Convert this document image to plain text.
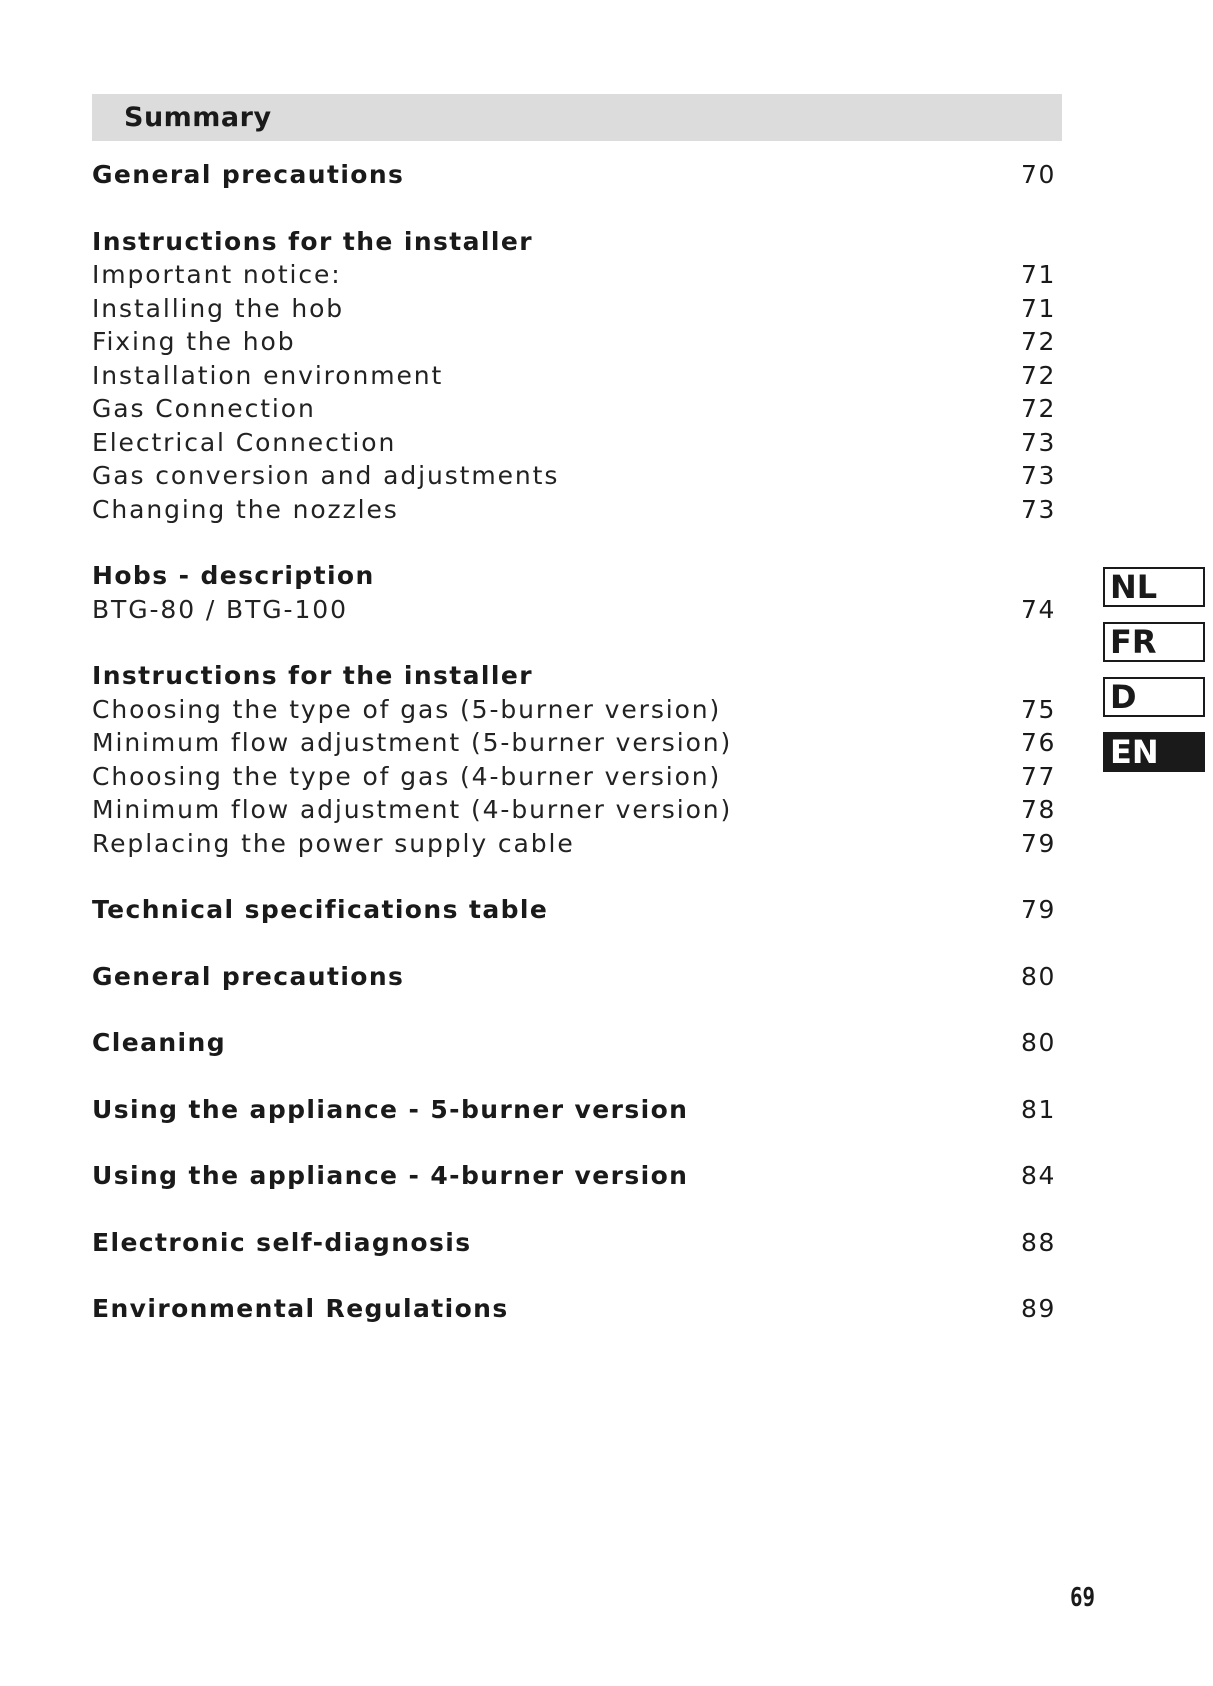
Summary
General precautions	70
Instructions for the installer
Important notice:	71
Installing the hob	71
Fixing the hob	72
Installation environment	72
Gas Connection	72
Electrical Connection	73
Gas conversion and adjustments	73
Changing the nozzles	73
Hobs - description
BTG-80 / BTG-100	74
Instructions for the installer
Choosing the type of gas (5-burner version)	75
Minimum flow adjustment (5-burner version)	76
Choosing the type of gas (4-burner version)	77
Minimum flow adjustment (4-burner version)	78
Replacing the power supply cable	79
Technical specifications table	79
General precautions	80
Cleaning	80
Using the appliance - 5-burner version	81
Using the appliance - 4-burner version	84
Electronic self-diagnosis	88
Environmental Regulations	89
NL
FR
D
EN
69
